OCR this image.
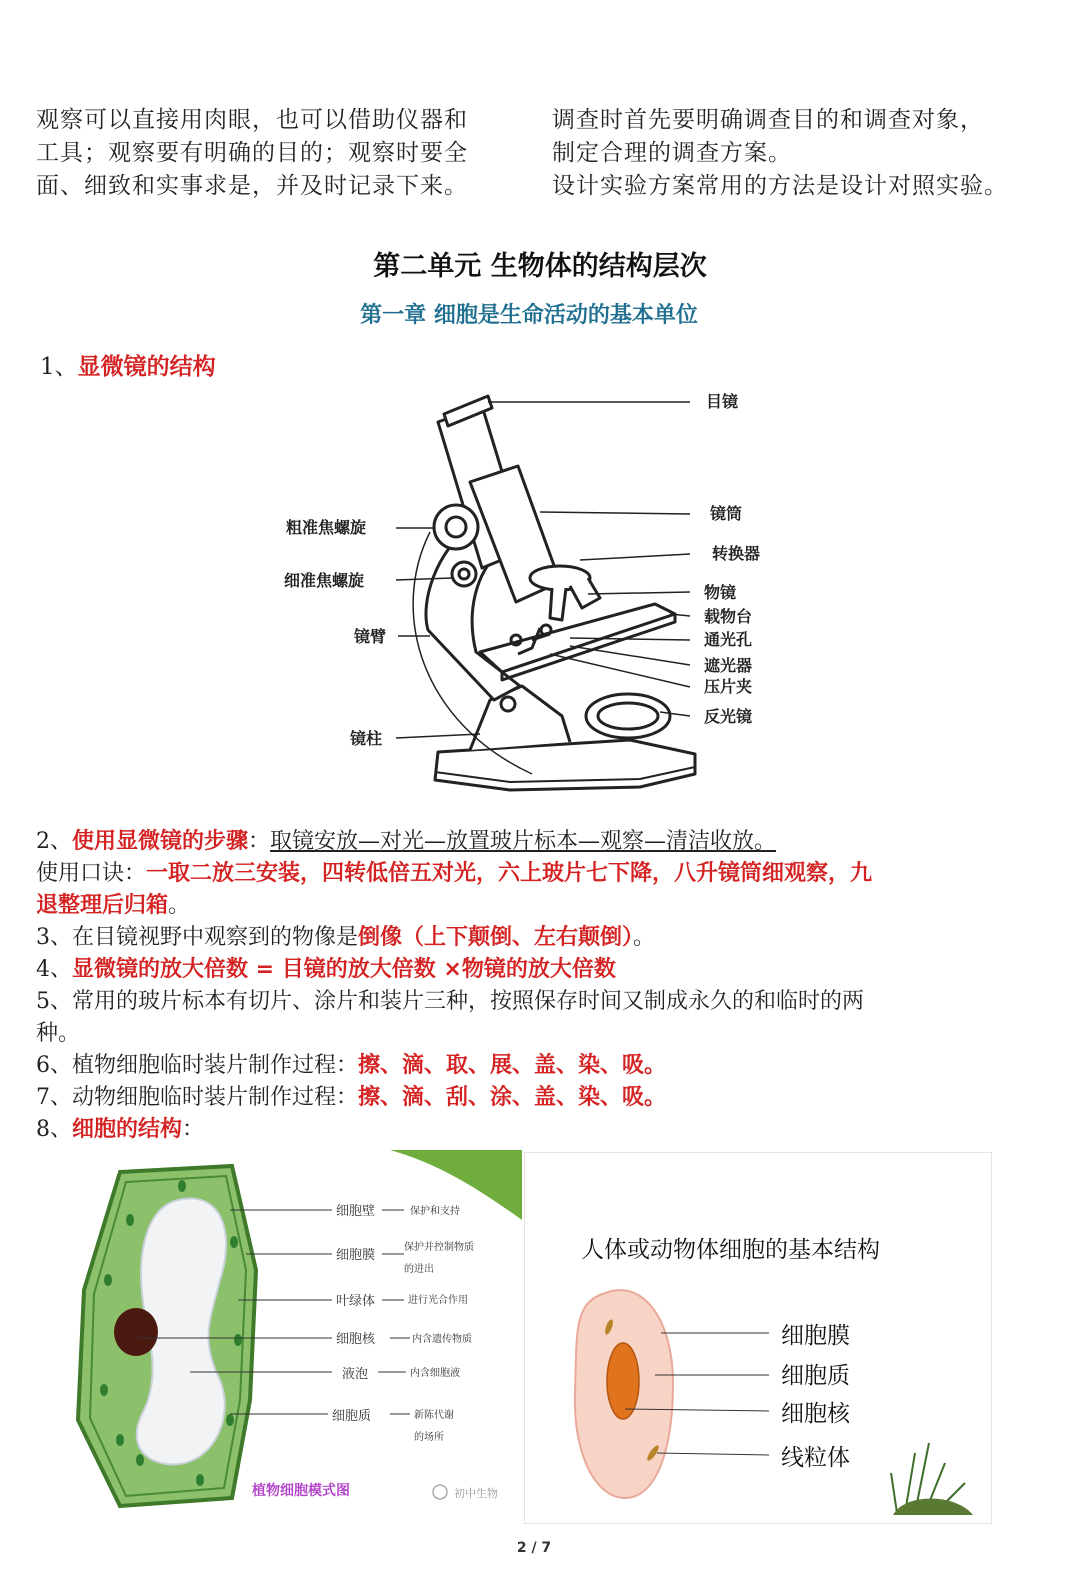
观察可以直接用肉眼，也可以借助仪器和

工具；观察要有明确的目的；观察时要全

面、细致和实事求是，并及时记录下来。

调查时首先要明确调查目的和调查对象，

制定合理的调查方案。

设计实验方案常用的方法是设计对照实验。

第二单元 生物体的结构层次
第一章 细胞是生命活动的基本单位
1、显微镜的结构
目镜
镜筒
转换器
物镜
载物台
通光孔
遮光器
压片夹
反光镜
粗准焦螺旋
细准焦螺旋
镜臂
镜柱

2、使用显微镜的步骤：取镜安放—对光—放置玻片标本—观察—清洁收放。

使用口诀：一取二放三安装，四转低倍五对光，六上玻片七下降，八升镜筒细观察，九

退整理后归箱。

3、在目镜视野中观察到的物像是倒像（上下颠倒、左右颠倒）。

4、显微镜的放大倍数 = 目镜的放大倍数 ×物镜的放大倍数

5、常用的玻片标本有切片、涂片和装片三种，按照保存时间又制成永久的和临时的两

种。

6、植物细胞临时装片制作过程：擦、滴、取、展、盖、染、吸。

7、动物细胞临时装片制作过程：擦、滴、刮、涂、盖、染、吸。

8、细胞的结构：

细胞壁	保护和支持
细胞膜
保护并控制物质
的进出
叶绿体	进行光合作用
细胞核	内含遗传物质
液泡	内含细胞液
细胞质	新陈代谢
的场所
植物细胞模式图	初中生物
人体或动物体细胞的基本结构
细胞膜
细胞质
细胞核
线粒体
2 / 7
